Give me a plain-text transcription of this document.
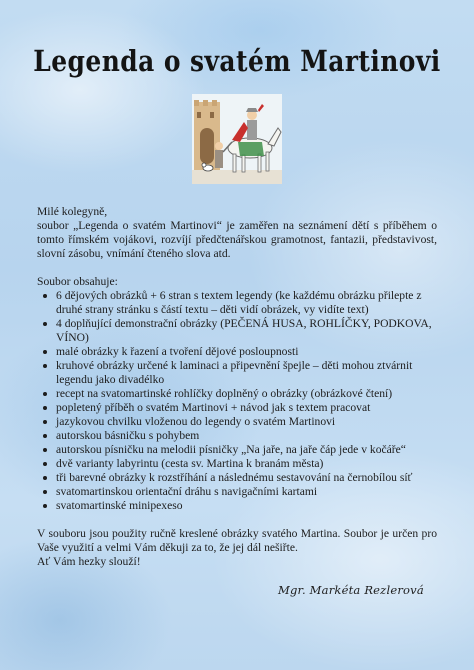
Legenda o svatém Martinovi

Milé kolegyně,

soubor „Legenda o svatém Martinovi“ je zaměřen na seznámení dětí s příběhem o tomto římském vojákovi, rozvíjí předčtenářskou gramotnost, fantazii, představivost, slovní zásobu, vnímání čteného slova atd.

Soubor obsahuje:

6 dějových obrázků + 6 stran s textem legendy (ke každému obrázku přilepte z druhé strany stránku s částí textu – děti vidí obrázek, vy vidíte text)
4 doplňující demonstrační obrázky (PEČENÁ HUSA, ROHLÍČKY, PODKOVA, VÍNO)
malé obrázky k řazení a tvoření dějové posloupnosti
kruhové obrázky určené k laminaci a připevnění špejle – děti mohou ztvárnit legendu jako divadélko
recept na svatomartinské rohlíčky doplněný o obrázky (obrázkové čtení)
popletený příběh o svatém Martinovi + návod jak s textem pracovat
jazykovou chvilku vloženou do legendy o svatém Martinovi
autorskou básničku s pohybem
autorskou písničku na melodii písničky „Na jaře, na jaře čáp jede v kočáře“
dvě varianty labyrintu (cesta sv. Martina k branám města)
tři barevné obrázky k rozstříhání a následnému sestavování na černobílou síť
svatomartinskou orientační dráhu s navigačními kartami
svatomartinské minipexeso

V souboru jsou použity ručně kreslené obrázky svatého Martina. Soubor je určen pro Vaše využití a velmi Vám děkuji za to, že jej dál nešiřte.

Ať Vám hezky slouží!

Mgr. Markéta Rezlerová
